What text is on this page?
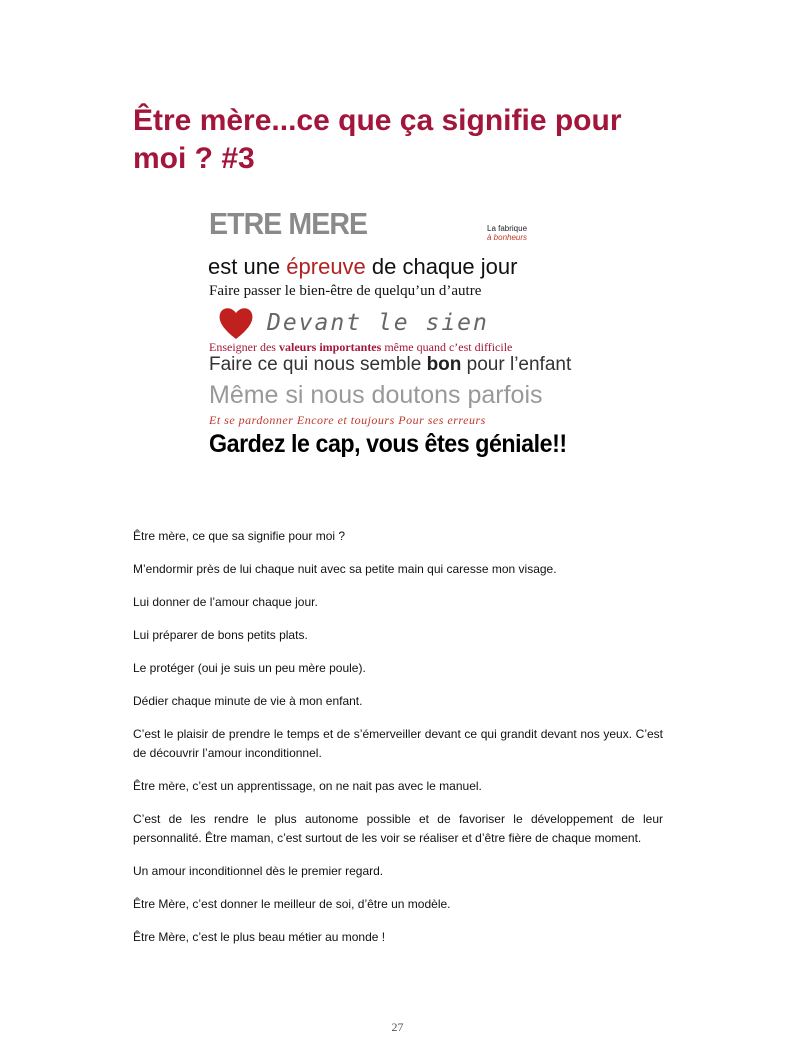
Être mère...ce que ça signifie pour moi ? #3
ETRE MERE	La fabrique
à bonheurs
est une épreuve de chaque jour
Faire passer le bien-être de quelqu’un d’autre
Devant le sien
Enseigner des valeurs importantes même quand c’est difficile
Faire ce qui nous semble bon pour l’enfant
Même si nous doutons parfois
Et se pardonner Encore et toujours Pour ses erreurs
Gardez le cap, vous êtes géniale!!

Être mère, ce que sa signifie pour moi ?

M’endormir près de lui chaque nuit avec sa petite main qui caresse mon visage.

Lui donner de l’amour chaque jour.

Lui préparer de bons petits plats.

Le protéger (oui je suis un peu mère poule).

Dédier chaque minute de vie à mon enfant.

C’est le plaisir de prendre le temps et de s’émerveiller devant ce qui grandit devant nos yeux. C’est de découvrir l’amour inconditionnel.

Être mère, c’est un apprentissage, on ne nait pas avec le manuel.

C’est de les rendre le plus autonome possible et de favoriser le développement de leur personnalité. Être maman, c’est surtout de les voir se réaliser et d’être fière de chaque moment.

Un amour inconditionnel dès le premier regard.

Être Mère, c’est donner le meilleur de soi, d’être un modèle.

Être Mère, c’est le plus beau métier au monde !

27
